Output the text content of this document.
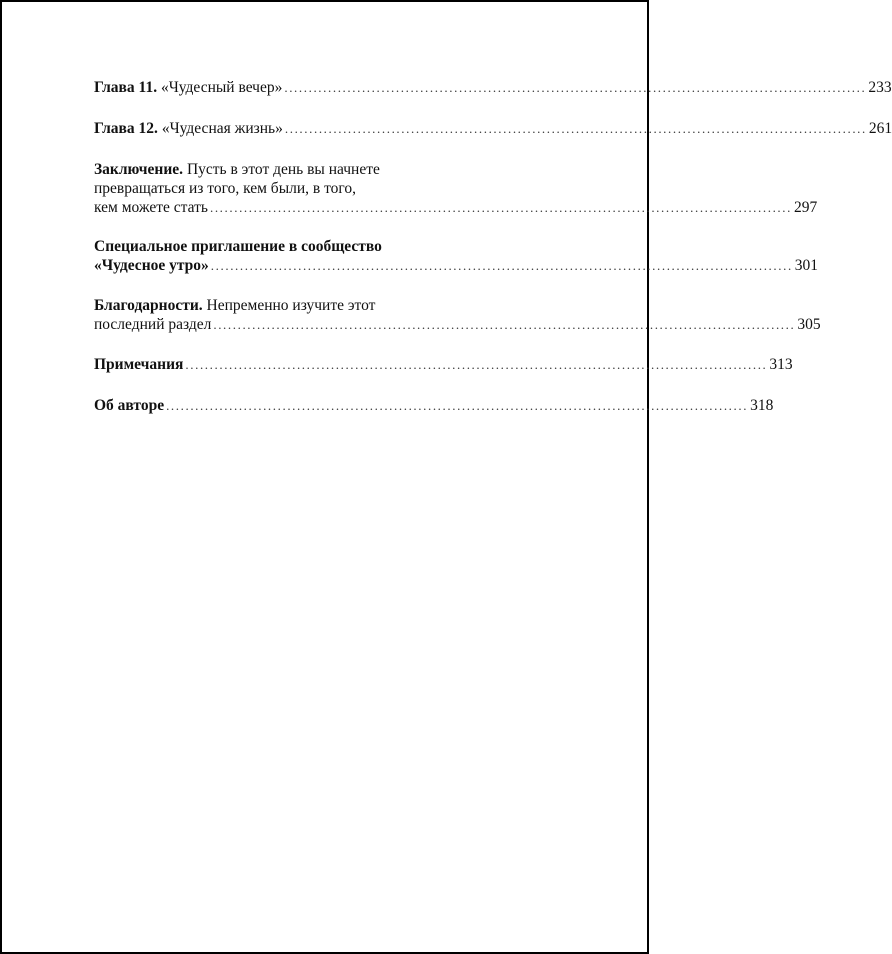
Глава 11. «Чудесный вечер» ........................................................................................................................ 233
Глава 12. «Чудесная жизнь» ........................................................................................................................ 261
Заключение. Пусть в этот день вы начнете
превращаться из того, кем были, в того,
кем можете стать ........................................................................................................................ 297
Специальное приглашение в сообщество
«Чудесное утро» ........................................................................................................................ 301
Благодарности. Непременно изучите этот
последний раздел ........................................................................................................................ 305
Примечания ........................................................................................................................ 313
Об авторе ........................................................................................................................ 318
